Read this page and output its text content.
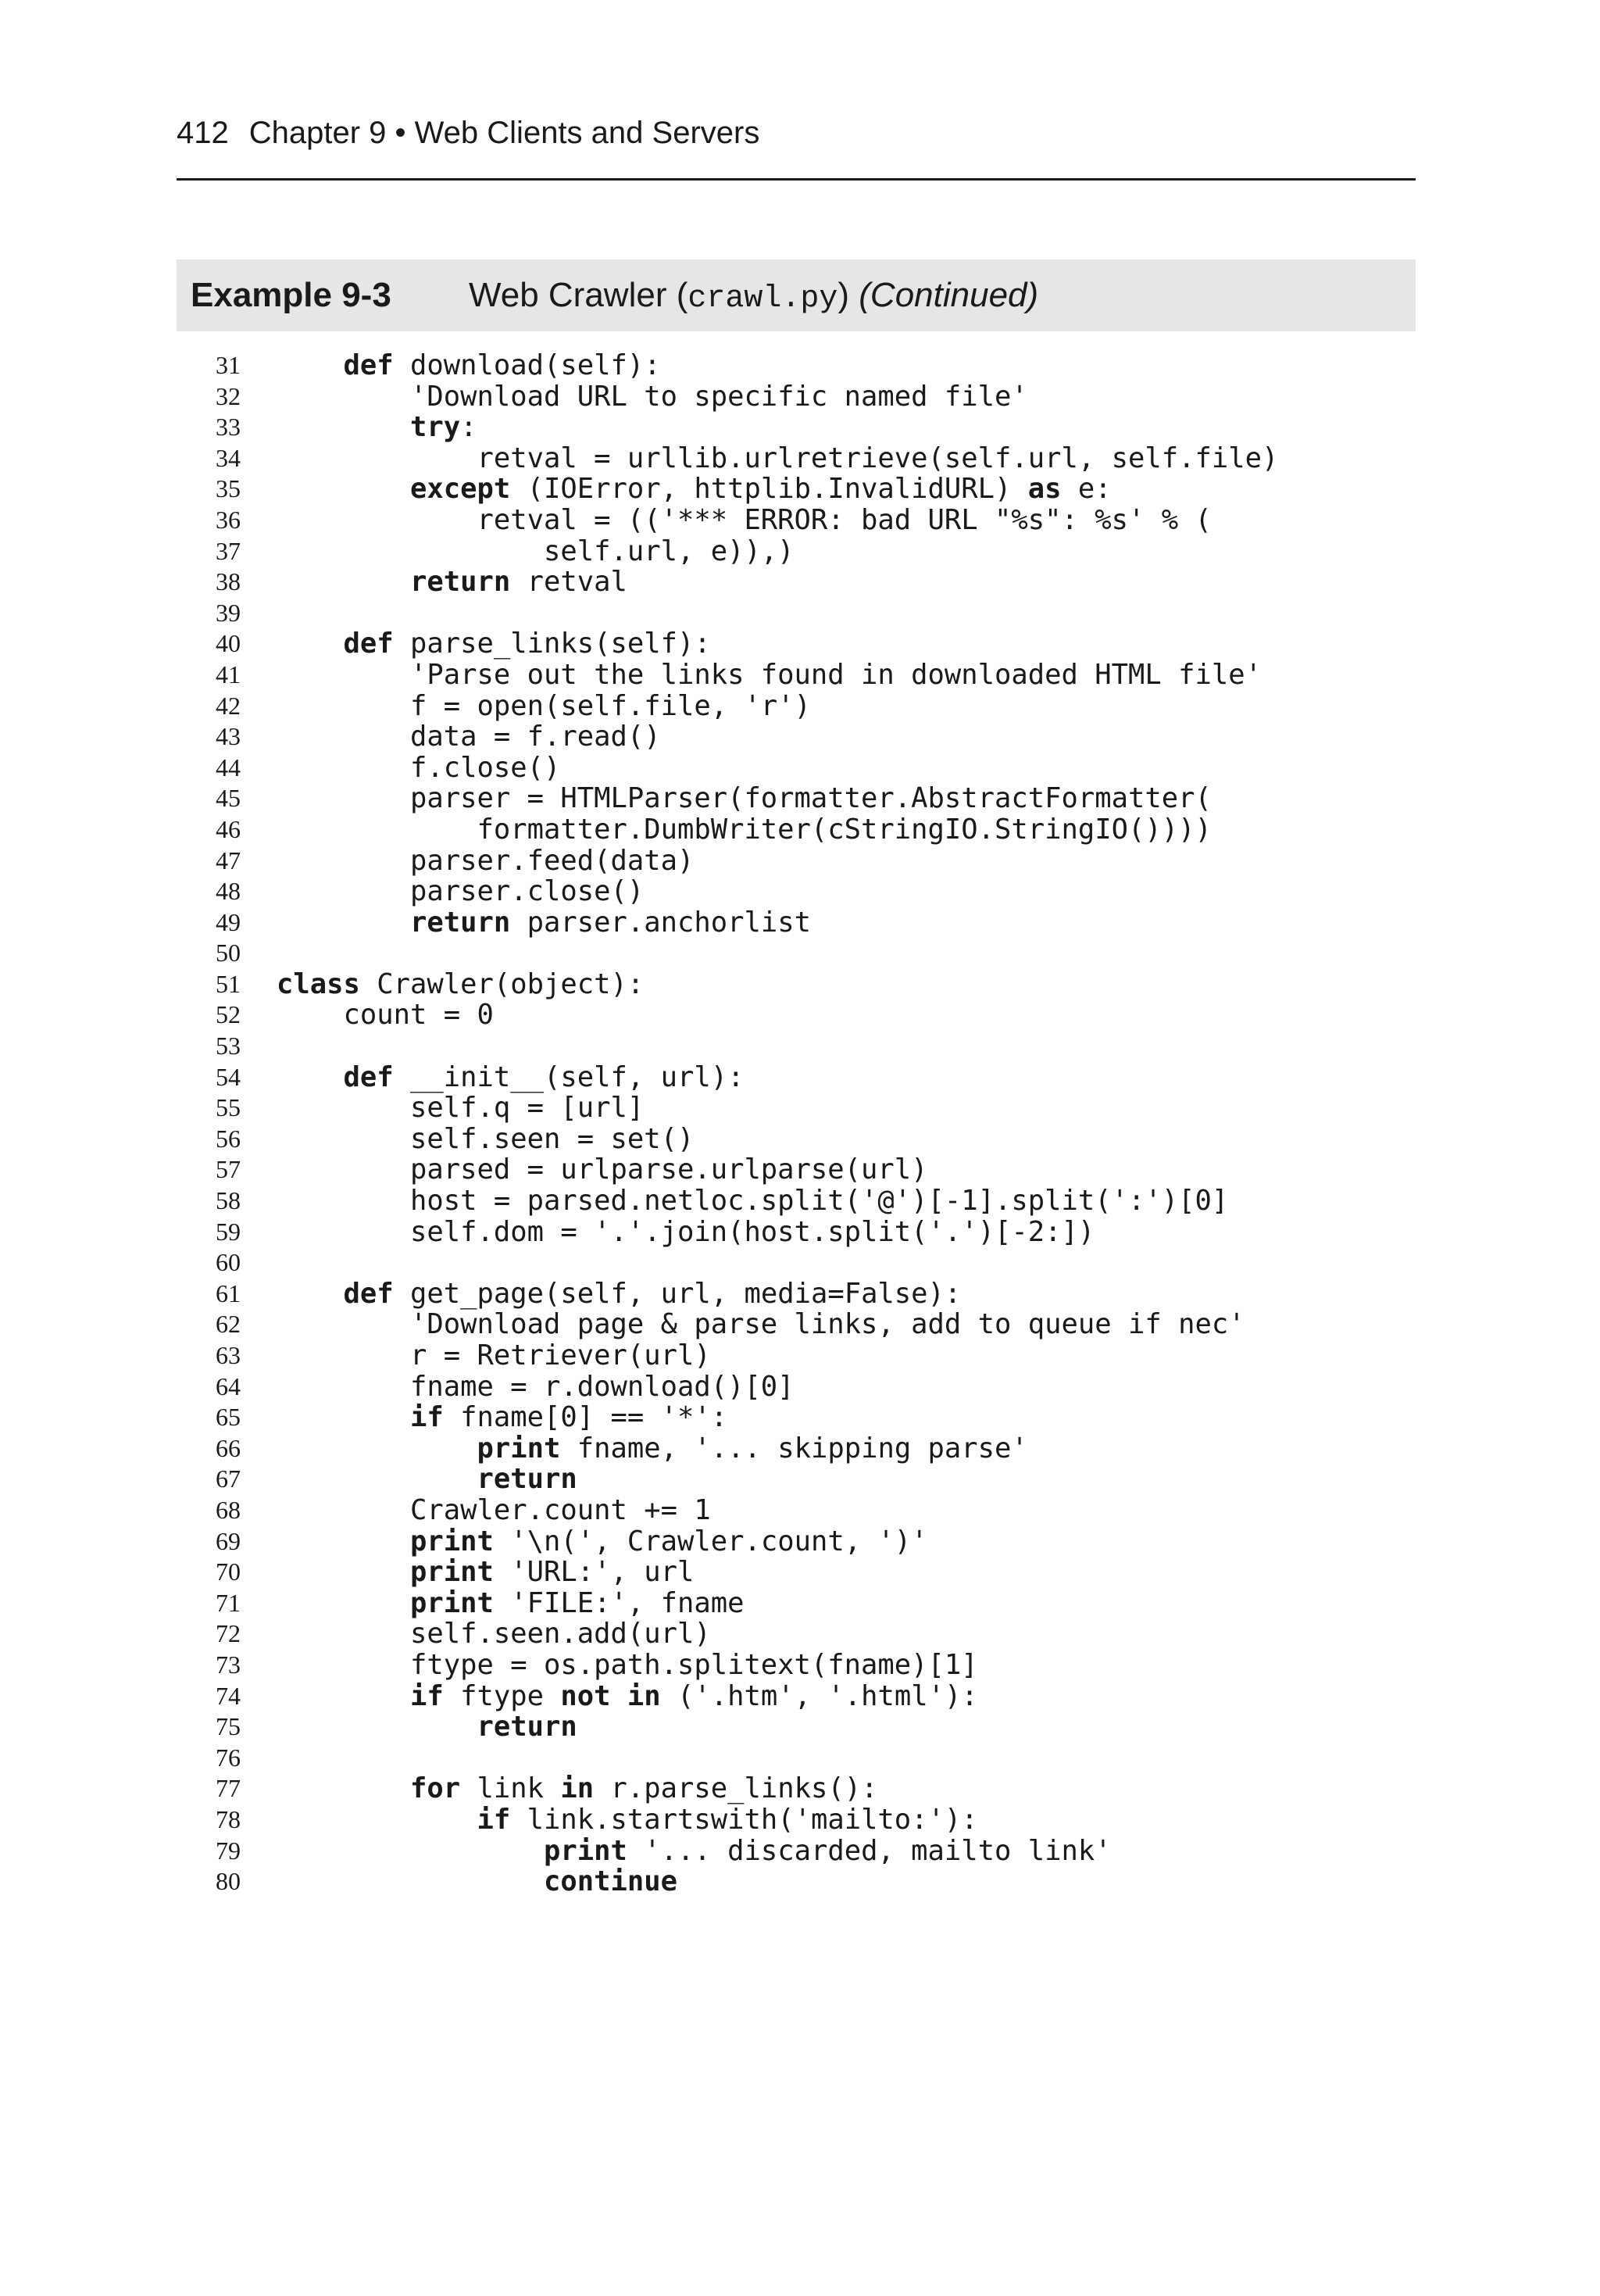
412 Chapter 9 • Web Clients and Servers
Example 9-3 Web Crawler (crawl.py) (Continued)
31	def download(self):
32 'Download URL to specific named file'
33	try:
34 retval = urllib.urlretrieve(self.url, self.file)
35	except (IOError, httplib.InvalidURL) as e:
36 retval = (('*** ERROR: bad URL "%s": %s' % (
37 self.url, e)),)
38	return retval
39
40	def parse_links(self):
41 'Parse out the links found in downloaded HTML file'
42 f = open(self.file, 'r')
43 data = f.read()
44 f.close()
45 parser = HTMLParser(formatter.AbstractFormatter(
46 formatter.DumbWriter(cStringIO.StringIO())))
47 parser.feed(data)
48 parser.close()
49	return parser.anchorlist
50
51 class Crawler(object):
52 count = 0
53
54	def __init__(self, url):
55 self.q = [url]
56 self.seen = set()
57 parsed = urlparse.urlparse(url)
58 host = parsed.netloc.split('@')[-1].split(':')[0]
59 self.dom = '.'.join(host.split('.')[-2:])
60
61	def get_page(self, url, media=False):
62 'Download page & parse links, add to queue if nec'
63 r = Retriever(url)
64 fname = r.download()[0]
65	if fname[0] == '*':
66	print fname, '... skipping parse'
67	return
68 Crawler.count += 1
69	print '\n(', Crawler.count, ')'
70	print 'URL:', url
71	print 'FILE:', fname
72 self.seen.add(url)
73 ftype = os.path.splitext(fname)[1]
74	if ftype not in ('.htm', '.html'):
75	return
76
77	for link in r.parse_links():
78	if link.startswith('mailto:'):
79	print '... discarded, mailto link'
80	continue
